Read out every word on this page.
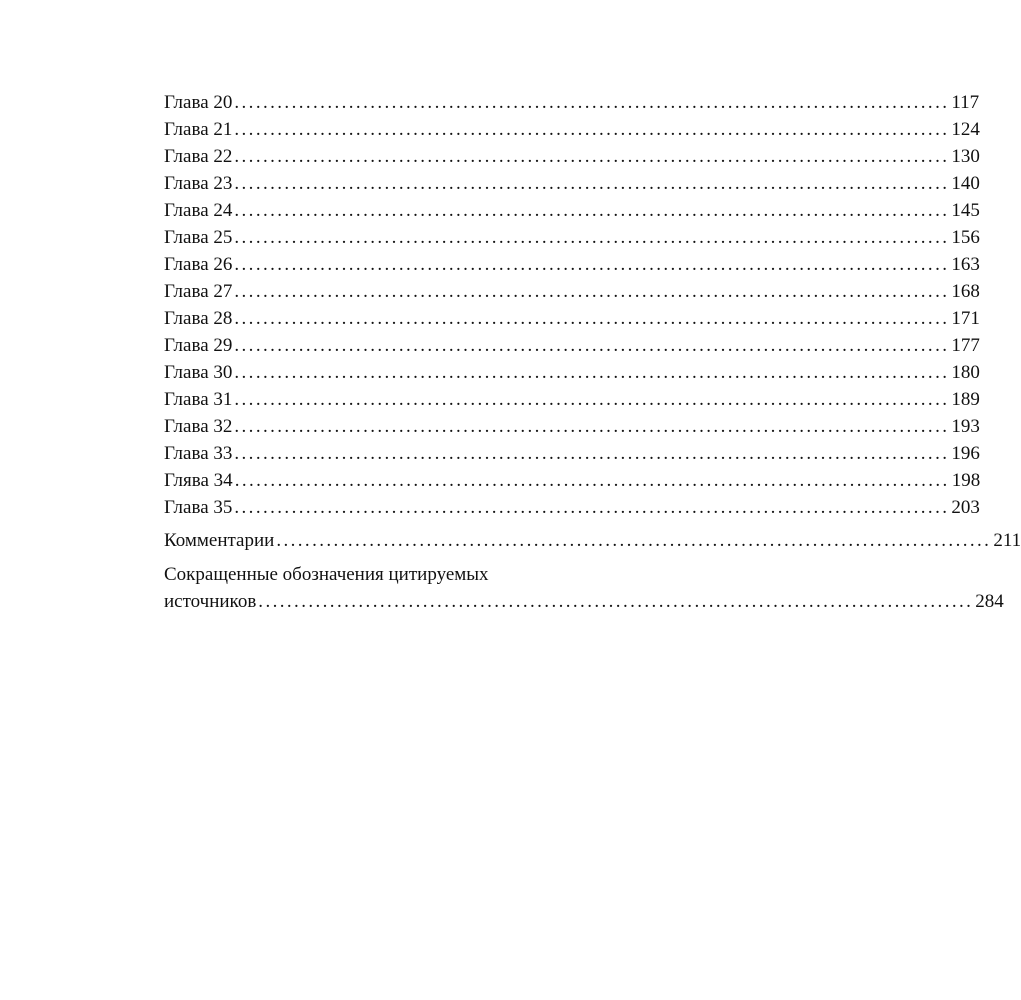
Глава 20 .................................................................................................... 117
Глава 21 .................................................................................................... 124
Глава 22 .................................................................................................... 130
Глава 23 .................................................................................................... 140
Глава 24 .................................................................................................... 145
Глава 25 .................................................................................................... 156
Глава 26 .................................................................................................... 163
Глава 27 .................................................................................................... 168
Глава 28 .................................................................................................... 171
Глава 29 .................................................................................................... 177
Глава 30 .................................................................................................... 180
Глава 31 .................................................................................................... 189
Глава 32 .................................................................................................... 193
Глава 33 .................................................................................................... 196
Глява 34 .................................................................................................... 198
Глава 35 .................................................................................................... 203
Комментарии .................................................................................................... 211
Сокращенные обозначения цитируемых
источников .................................................................................................... 284
